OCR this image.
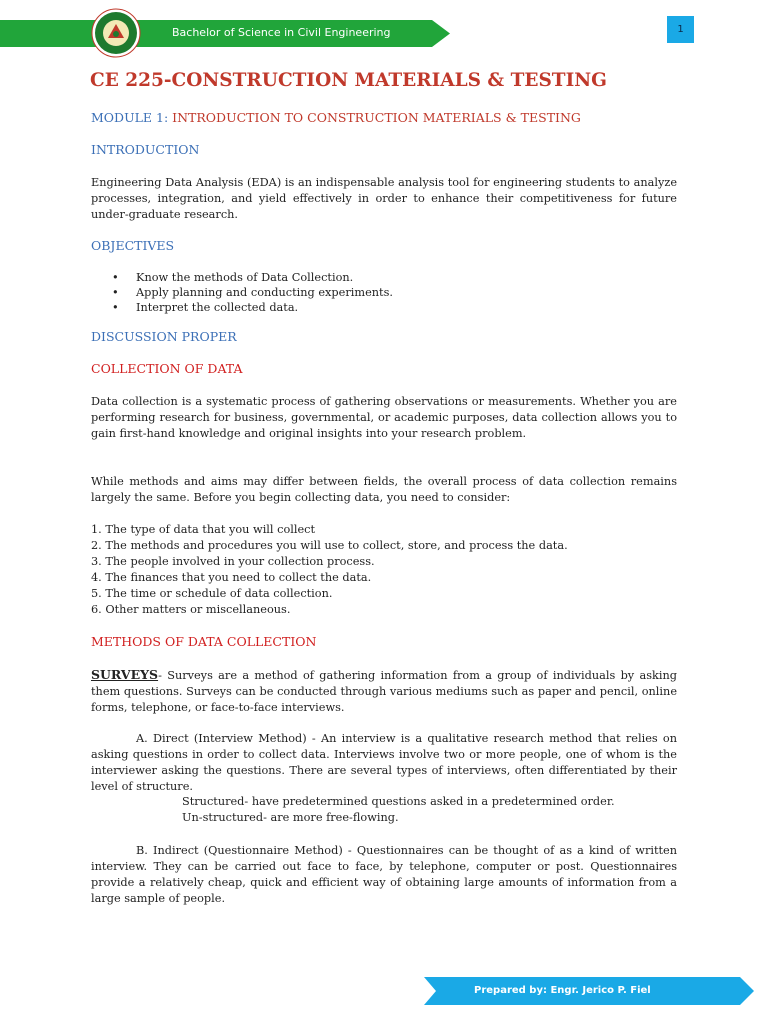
Bachelor of Science in Civil Engineering	1
CE 225-CONSTRUCTION MATERIALS & TESTING
MODULE 1: INTRODUCTION TO CONSTRUCTION MATERIALS & TESTING
INTRODUCTION
Engineering Data Analysis (EDA) is an indispensable analysis tool for engineering students to analyze processes, integration, and yield effectively in order to enhance their competitiveness for future under-graduate research.
OBJECTIVES
• Know the methods of Data Collection.
• Apply planning and conducting experiments.
• Interpret the collected data.
DISCUSSION PROPER
COLLECTION OF DATA
Data collection is a systematic process of gathering observations or measurements. Whether you are performing research for business, governmental, or academic purposes, data collection allows you to gain first-hand knowledge and original insights into your research problem.
While methods and aims may differ between fields, the overall process of data collection remains largely the same. Before you begin collecting data, you need to consider:
1. The type of data that you will collect
2. The methods and procedures you will use to collect, store, and process the data.
3. The people involved in your collection process.
4. The finances that you need to collect the data.
5. The time or schedule of data collection.
6. Other matters or miscellaneous.
METHODS OF DATA COLLECTION
SURVEYS- Surveys are a method of gathering information from a group of individuals by asking them questions. Surveys can be conducted through various mediums such as paper and pencil, online forms, telephone, or face-to-face interviews.
A. Direct (Interview Method) - An interview is a qualitative research method that relies on asking questions in order to collect data. Interviews involve two or more people, one of whom is the interviewer asking the questions. There are several types of interviews, often differentiated by their level of structure.
Structured- have predetermined questions asked in a predetermined order.
Un-structured- are more free-flowing.
B. Indirect (Questionnaire Method) - Questionnaires can be thought of as a kind of written interview. They can be carried out face to face, by telephone, computer or post. Questionnaires provide a relatively cheap, quick and efficient way of obtaining large amounts of information from a large sample of people.
Prepared by: Engr. Jerico P. Fiel
